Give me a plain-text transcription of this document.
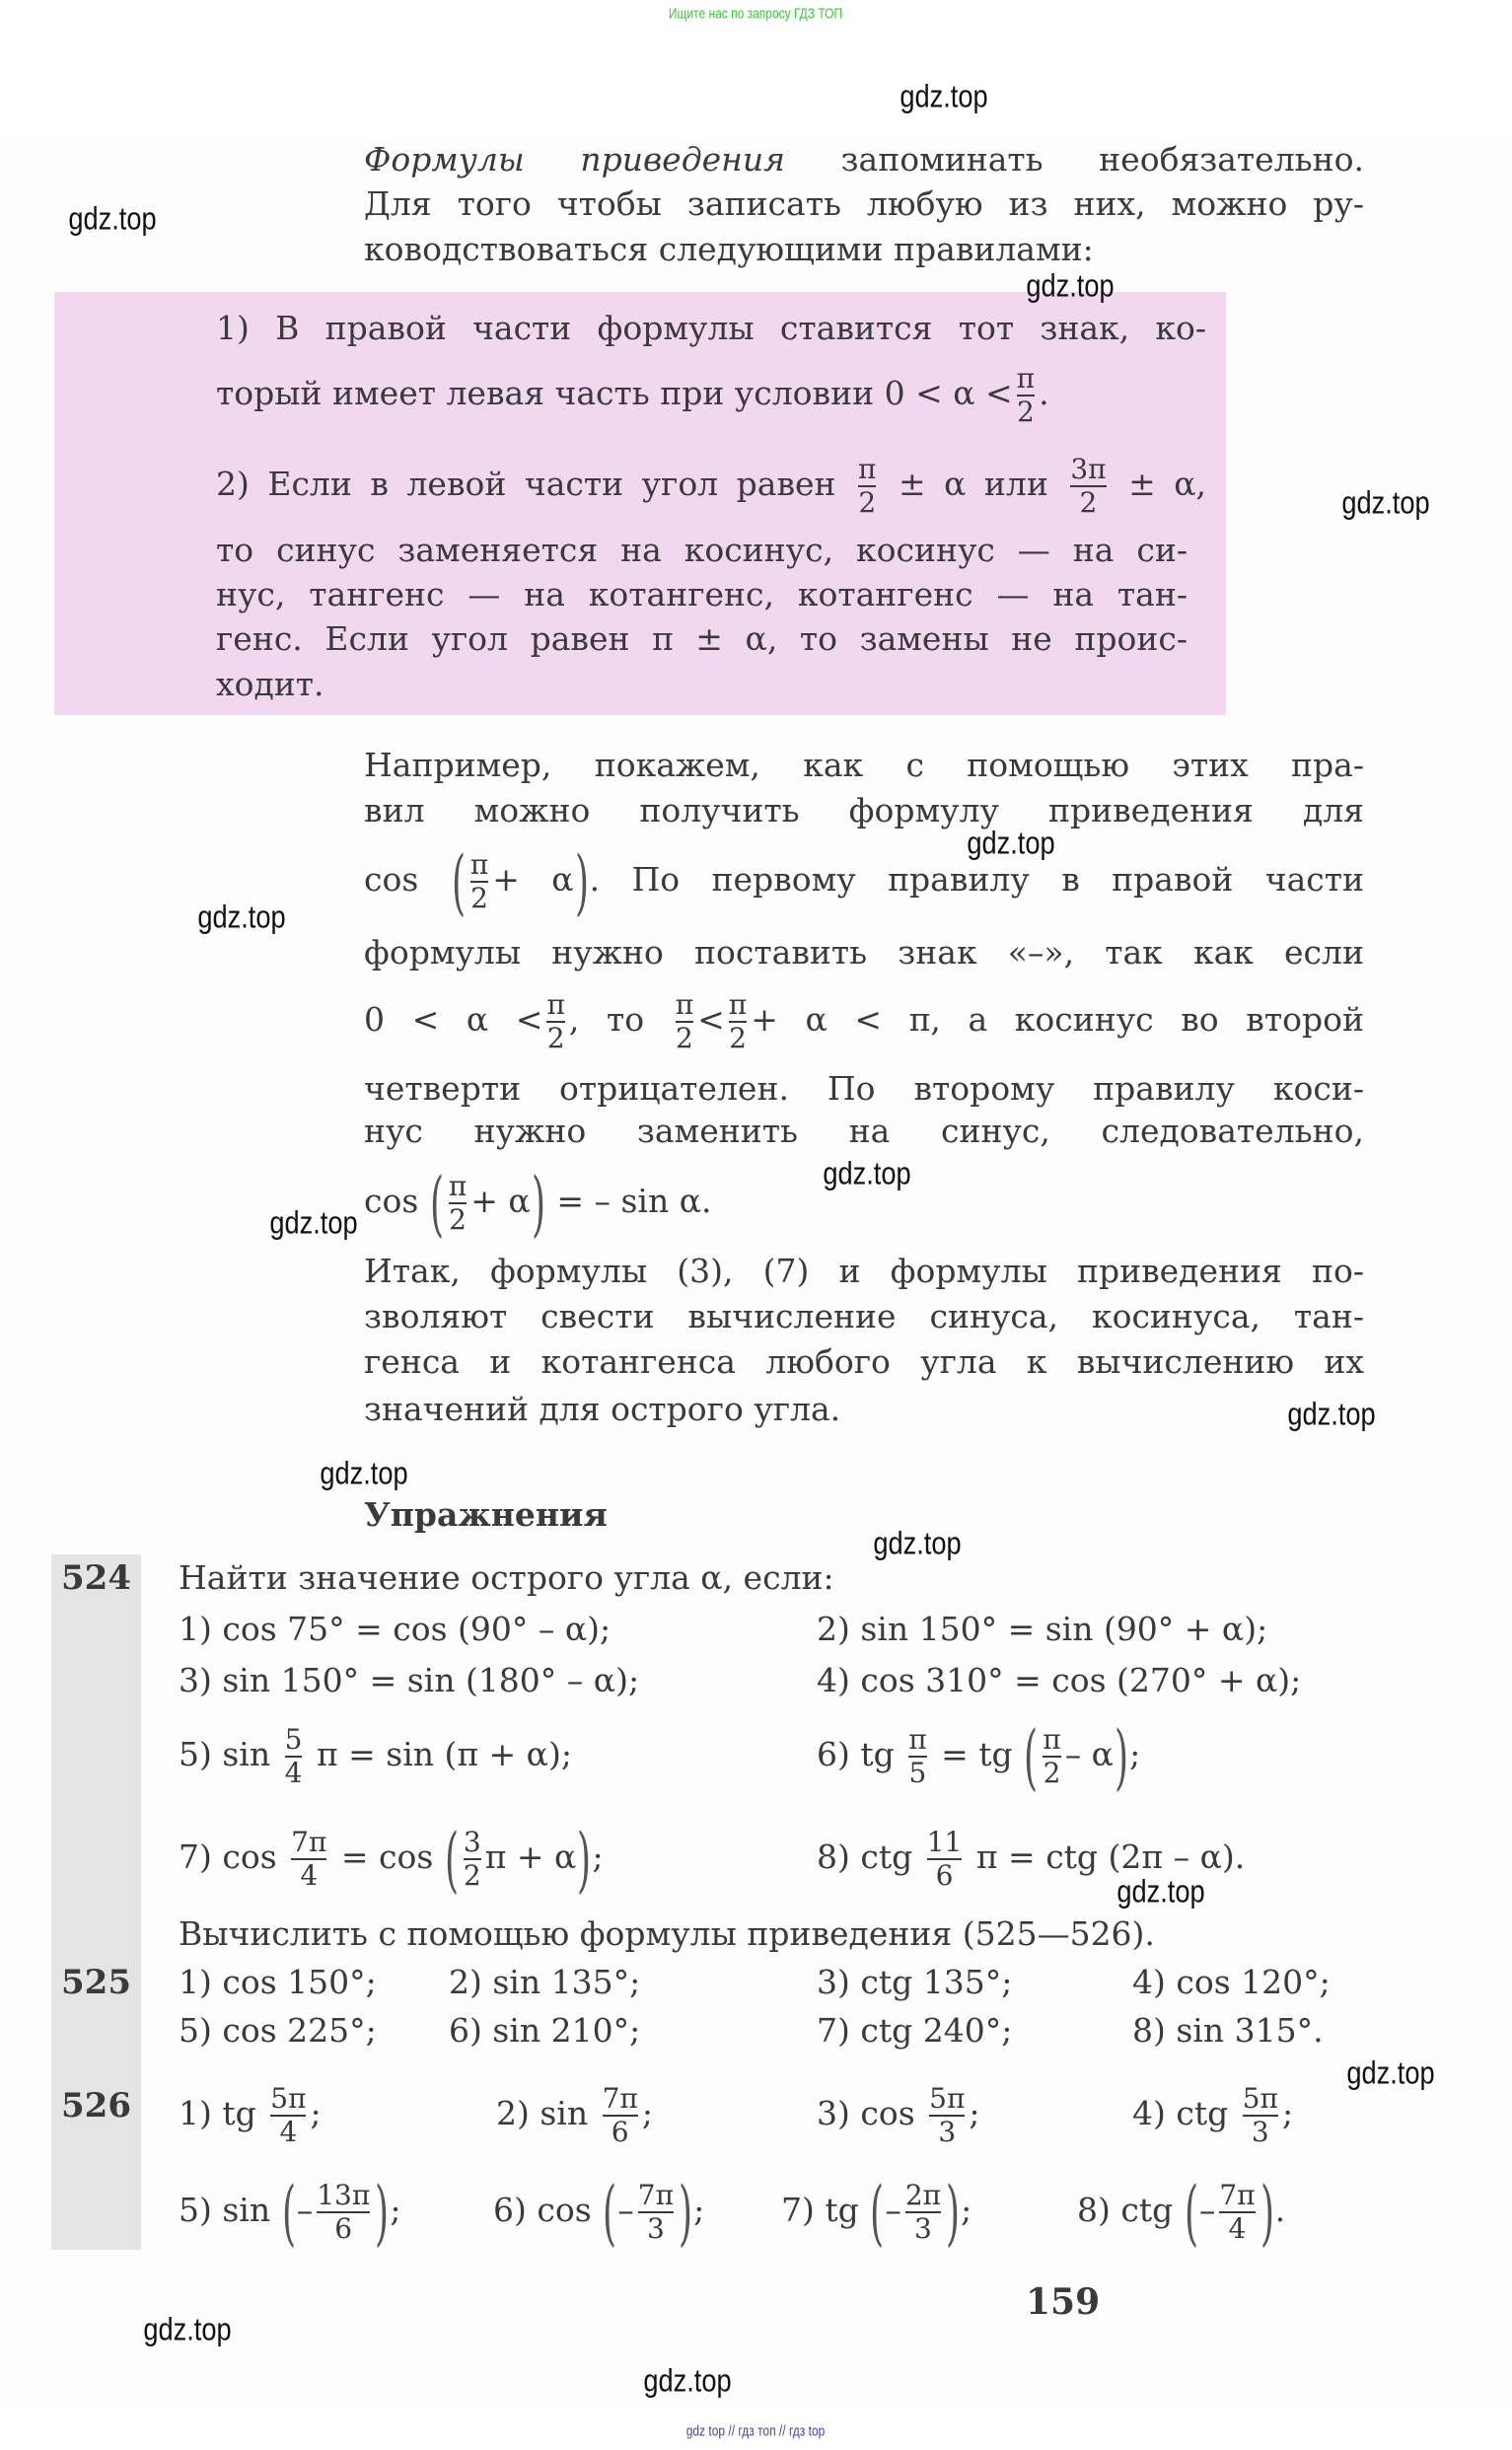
Ищите нас по запросу ГДЗ ТОП
Формулы приведения запоминать необязательно.
Для того чтобы записать любую из них, можно ру-
ководствоваться следующими правилами:
1) В правой части формулы ставится тот знак, ко-
торый имеет левая часть при условии $0 < \alpha < \frac{\pi}{2}$ .
2) Если в левой части угол равен $\frac{\pi}{2} \pm \alpha$ или $\frac{3\pi}{2} \pm \alpha$,
то синус заменяется на косинус, косинус — на си-
нус, тангенс — на котангенс, котангенс — на тан-
генс. Если угол равен π ± α, то замены не проис-
ходит.
Например, покажем, как с помощью этих пра-
вил можно получить формулу приведения для
cos ( $\frac{\pi}{2} + \alpha$). По первому правилу в правой части
формулы нужно поставить знак «–», так как если
$0 < \alpha < \frac{\pi}{2}$ , то $\frac{\pi}{2} < \frac{\pi}{2} + \alpha < \pi$, а косинус во второй
четверти отрицателен. По второму правилу коси-
нус нужно заменить на синус, следовательно,
cos ( $\frac{\pi}{2} + \alpha$) = – sin α.
Итак, формулы (3), (7) и формулы приведения по-
зволяют свести вычисление синуса, косинуса, тан-
генса и котангенса любого угла к вычислению их
значений для острого угла.
Упражнения
524 Найти значение острого угла α, если:
1) cos 75° = cos (90° – α);	2) sin 150° = sin (90° + α);
3) sin 150° = sin (180° – α);	4) cos 310° = cos (270° + α);
5) $\sin \frac{5}{4}$ π = sin (π + α);	6) tg $\frac{\pi}{5}$ = tg ( $\frac{\pi}{2} - \alpha$);
7) $\cos \frac{7\pi}{4} = \cos$ ( $\frac{3}{2}$ π + α);	8) ctg $\frac{11}{6}$ π = ctg (2π – α).
Вычислить с помощью формулы приведения (525—526).
525 1) cos 150°; 2) sin 135°;	3) ctg 135°;	4) cos 120°;
5) cos 225°; 6) sin 210°;	7) ctg 240°;	8) sin 315°.
526 1) tg $\frac{5\pi}{4}$ ;	2) $\sin \frac{7\pi}{6}$ ;	3) $\cos \frac{5\pi}{3}$ ;	4) ctg $\frac{5\pi}{3}$ ;
5) sin (– $\frac{13\pi}{6}$ );	6) cos (– $\frac{7\pi}{3}$ ); 7) tg (– $\frac{2\pi}{3}$ );	8) ctg (– $\frac{7\pi}{4}$ ).
159
gdz.top
gdz.top
gdz.top
gdz.top
gdz.top
gdz.top
gdz.top
gdz.top
gdz.top
gdz.top
gdz.top
gdz.top
gdz.top
gdz.top
gdz.top
gdz top // гдз топ // гдз top
